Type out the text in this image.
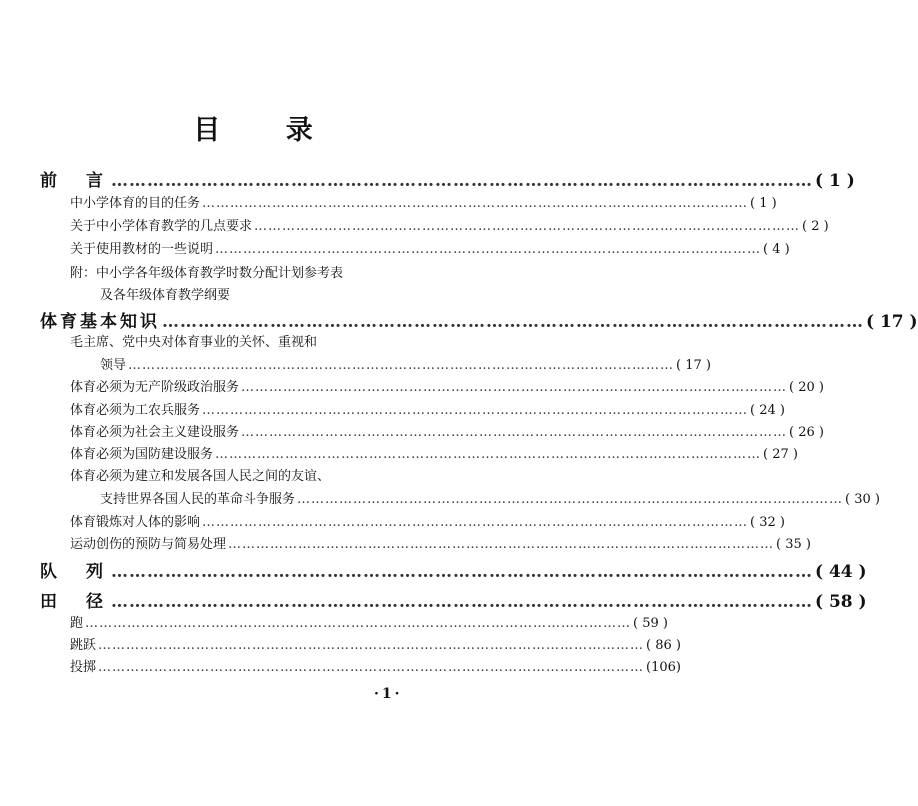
目 录
前　言 ……………………………………………………………………………………………………… ( 1 )
中小学体育的目的任务 ……………………………………………………………………………………………………… ( 1 )
关于中小学体育教学的几点要求 ……………………………………………………………………………………………………… ( 2 )
关于使用教材的一些说明 ……………………………………………………………………………………………………… ( 4 )
附：中小学各年级体育教学时数分配计划参考表
及各年级体育教学纲要
体育基本知识 ……………………………………………………………………………………………………… ( 17 )
毛主席、党中央对体育事业的关怀、重视和
领导 ……………………………………………………………………………………………………… ( 17 )
体育必须为无产阶级政治服务 ……………………………………………………………………………………………………… ( 20 )
体育必须为工农兵服务 ……………………………………………………………………………………………………… ( 24 )
体育必须为社会主义建设服务 ……………………………………………………………………………………………………… ( 26 )
体育必须为国防建设服务 ……………………………………………………………………………………………………… ( 27 )
体育必须为建立和发展各国人民之间的友谊、
支持世界各国人民的革命斗争服务 ……………………………………………………………………………………………………… ( 30 )
体育锻炼对人体的影响 ……………………………………………………………………………………………………… ( 32 )
运动创伤的预防与简易处理 ……………………………………………………………………………………………………… ( 35 )
队　列 ……………………………………………………………………………………………………… ( 44 )
田　径 ……………………………………………………………………………………………………… ( 58 )
跑 ……………………………………………………………………………………………………… ( 59 )
跳跃 ……………………………………………………………………………………………………… ( 86 )
投掷 ……………………………………………………………………………………………………… (106)
·1·
